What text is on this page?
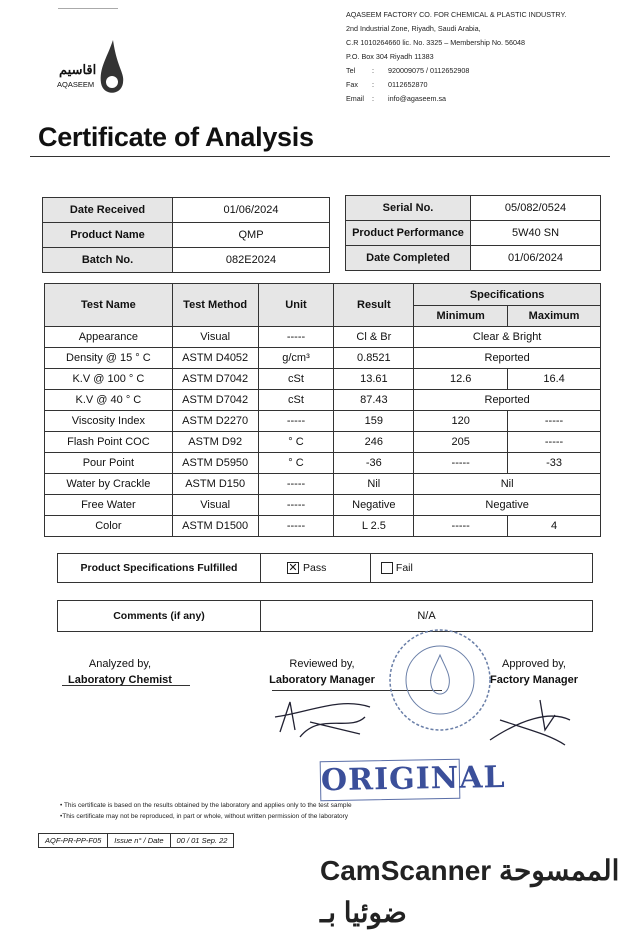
اقاسيم
AQASEEM
AQASEEM FACTORY CO. FOR CHEMICAL & PLASTIC INDUSTRY.
2nd Industrial Zone, Riyadh, Saudi Arabia,
C.R 1010264660 lic. No. 3325 – Membership No. 56048
P.O. Box 304 Riyadh 11383
Tel : 920009075 / 0112652908
Fax : 0112652870
Email : info@agaseem.sa
Certificate of Analysis
Date Received	01/06/2024
Product Name	QMP
Batch No.	082E2024
Serial No.	05/082/0524
Product Performance	5W40 SN
Date Completed	01/06/2024
Test Name	Test Method	Unit	Result	Specifications	
				Minimum	Maximum
Appearance	Visual	-----	Cl & Br	Clear & Bright	
Density @ 15 ° C	ASTM D4052	g/cm³	0.8521	Reported	
K.V @ 100 ° C	ASTM D7042	cSt	13.61	12.6	16.4
K.V @ 40 ° C	ASTM D7042	cSt	87.43	Reported	
Viscosity Index	ASTM D2270	-----	159	120	-----
Flash Point COC	ASTM D92	° C	246	205	-----
Pour Point	ASTM D5950	° C	-36	-----	-33
Water by Crackle	ASTM D150	-----	Nil	Nil	
Free Water	Visual	-----	Negative	Negative	
Color	ASTM D1500	-----	L 2.5	-----	4
Product Specifications Fulfilled	✕ Pass	Fail
Comments (if any)	N/A
Analyzed by,
Laboratory Chemist
Reviewed by,
Laboratory Manager
Approved by,
Factory Manager
ORIGINAL
• This certificate is based on the results obtained by the laboratory and applies only to the test sample
•This certificate may not be reproduced, in part or whole, without written permission of the laboratory
AQF-PR-PP-F05	Issue n° / Date	00 / 01 Sep. 22
CamScanner الممسوحة ضوئيا بـ
